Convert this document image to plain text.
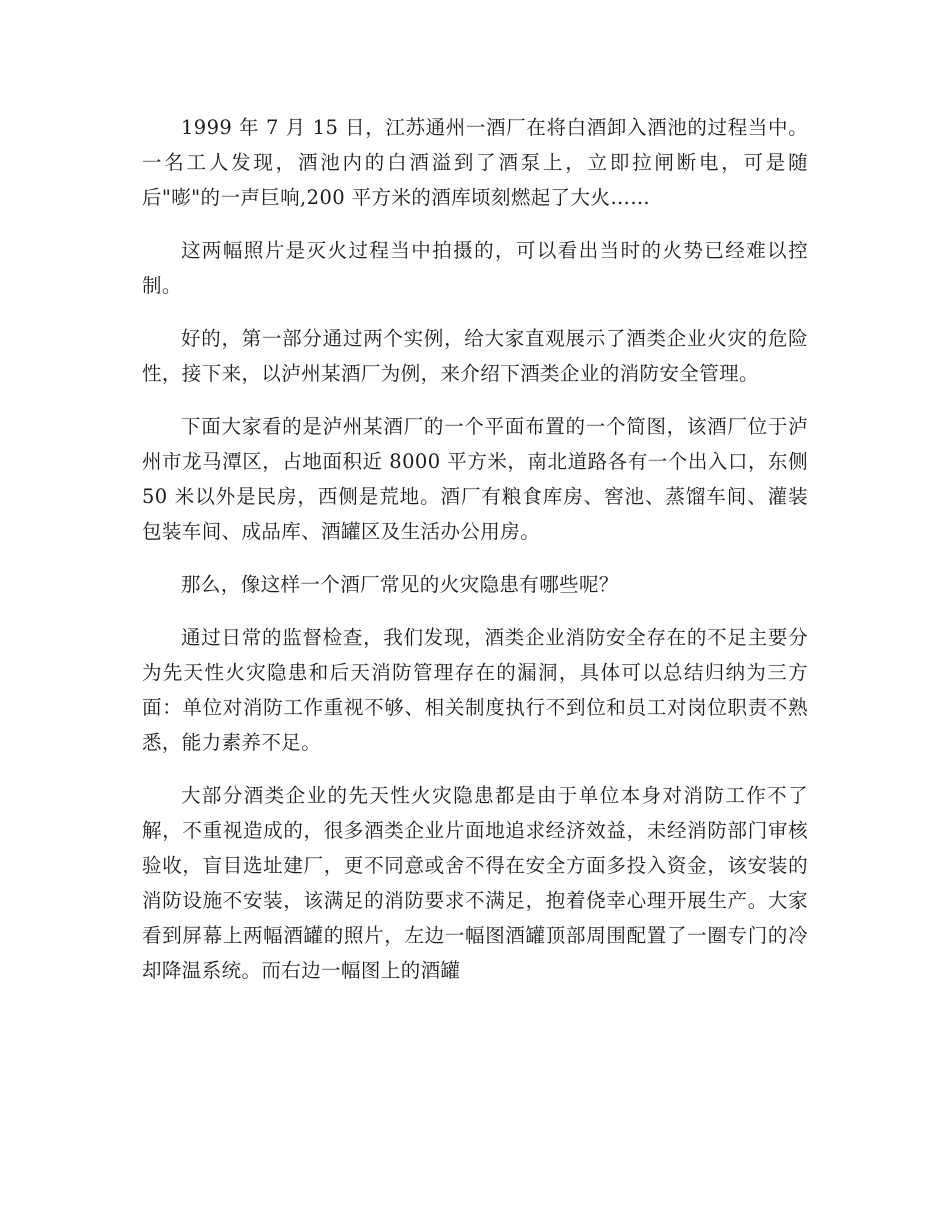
1999 年 7 月 15 日，江苏通州一酒厂在将白酒卸入酒池的过程当中。一名工人发现，酒池内的白酒溢到了酒泵上，立即拉闸断电，可是随后"嘭"的一声巨响,200 平方米的酒库顷刻燃起了大火……

这两幅照片是灭火过程当中拍摄的，可以看出当时的火势已经难以控制。

好的，第一部分通过两个实例，给大家直观展示了酒类企业火灾的危险性，接下来，以泸州某酒厂为例，来介绍下酒类企业的消防安全管理。

下面大家看的是泸州某酒厂的一个平面布置的一个简图，该酒厂位于泸州市龙马潭区，占地面积近 8000 平方米，南北道路各有一个出入口，东侧 50 米以外是民房，西侧是荒地。酒厂有粮食库房、窖池、蒸馏车间、灌装包装车间、成品库、酒罐区及生活办公用房。

那么，像这样一个酒厂常见的火灾隐患有哪些呢？

通过日常的监督检查，我们发现，酒类企业消防安全存在的不足主要分为先天性火灾隐患和后天消防管理存在的漏洞，具体可以总结归纳为三方面：单位对消防工作重视不够、相关制度执行不到位和员工对岗位职责不熟悉，能力素养不足。

大部分酒类企业的先天性火灾隐患都是由于单位本身对消防工作不了解，不重视造成的，很多酒类企业片面地追求经济效益，未经消防部门审核验收，盲目选址建厂，更不同意或舍不得在安全方面多投入资金，该安装的消防设施不安装，该满足的消防要求不满足，抱着侥幸心理开展生产。大家看到屏幕上两幅酒罐的照片，左边一幅图酒罐顶部周围配置了一圈专门的冷却降温系统。而右边一幅图上的酒罐
